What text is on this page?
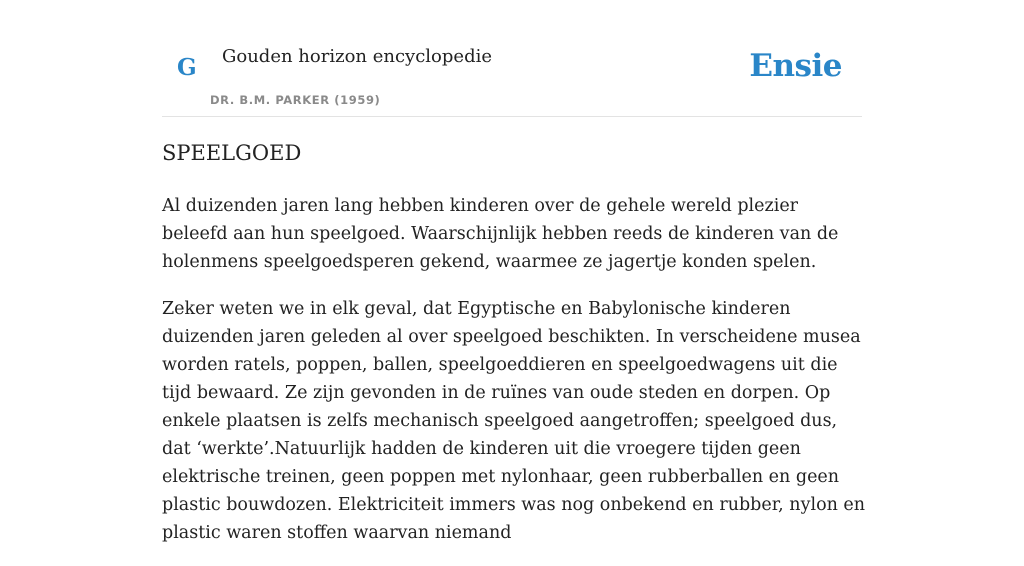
G Gouden horizon encyclopedie
DR. B.M. PARKER (1959)
Ensie
SPEELGOED

Al duizenden jaren lang hebben kinderen over de gehele wereld plezier beleefd aan hun speelgoed. Waarschijnlijk hebben reeds de kinderen van de holenmens speelgoedsperen gekend, waarmee ze jagertje konden spelen.

Zeker weten we in elk geval, dat Egyptische en Babylonische kinderen duizenden jaren geleden al over speelgoed beschikten. In verscheidene musea worden ratels, poppen, ballen, speelgoeddieren en speelgoedwagens uit die tijd bewaard. Ze zijn gevonden in de ruïnes van oude steden en dorpen. Op enkele plaatsen is zelfs mechanisch speelgoed aangetroffen; speelgoed dus, dat ‘werkte’.Natuurlijk hadden de kinderen uit die vroegere tijden geen elektrische treinen, geen poppen met nylonhaar, geen rubberballen en geen plastic bouwdozen. Elektriciteit immers was nog onbekend en rubber, nylon en plastic waren stoffen waarvan niemand
